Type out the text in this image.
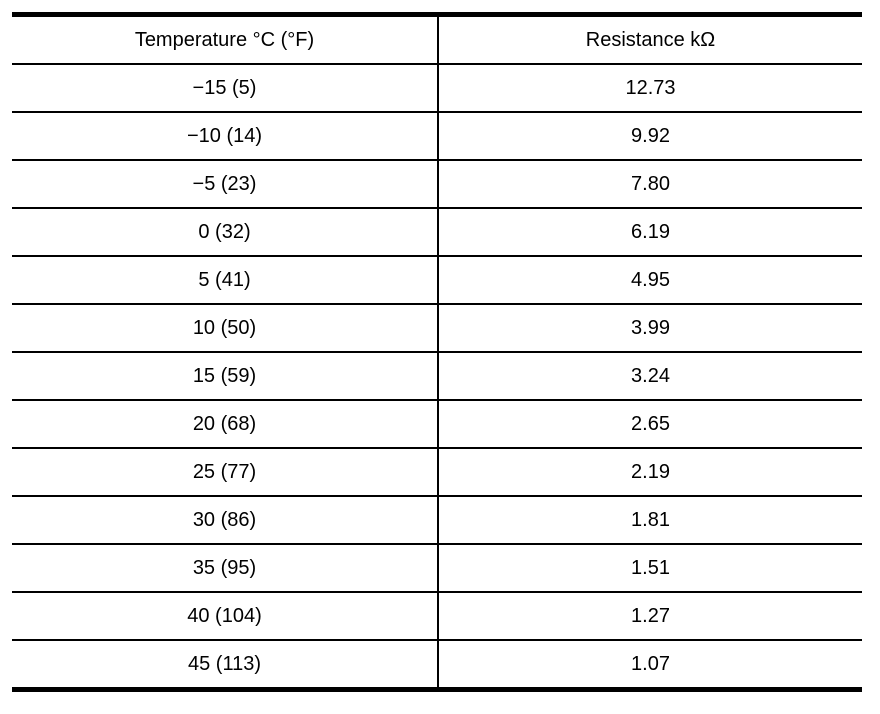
Temperature °C (°F)	Resistance kΩ
−15 (5)	12.73
−10 (14)	9.92
−5 (23)	7.80
0 (32)	6.19
5 (41)	4.95
10 (50)	3.99
15 (59)	3.24
20 (68)	2.65
25 (77)	2.19
30 (86)	1.81
35 (95)	1.51
40 (104)	1.27
45 (113)	1.07
